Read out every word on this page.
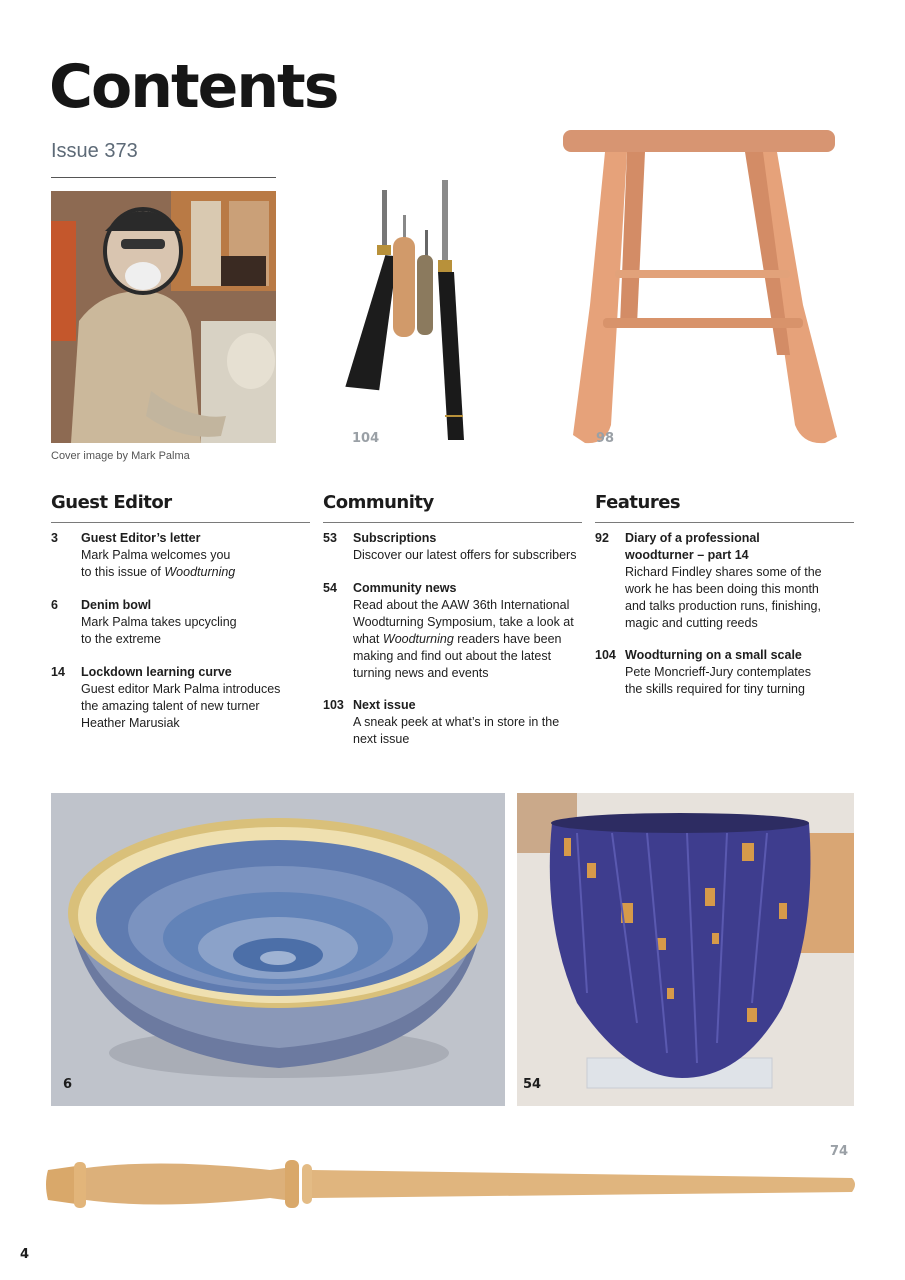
Contents
Issue 373
Cover image by Mark Palma
104	98
Guest Editor
3 Guest Editor’s letter
Mark Palma welcomes you
to this issue of Woodturning
6 Denim bowl
Mark Palma takes upcycling
to the extreme
14 Lockdown learning curve
Guest editor Mark Palma introduces
the amazing talent of new turner
Heather Marusiak
Community
53 Subscriptions
Discover our latest offers for subscribers
54 Community news
Read about the AAW 36th International
Woodturning Symposium, take a look at
what Woodturning readers have been
making and find out about the latest
turning news and events
103 Next issue
A sneak peek at what’s in store in the
next issue
Features
92 Diary of a professional
woodturner – part 14
Richard Findley shares some of the
work he has been doing this month
and talks production runs, finishing,
magic and cutting reeds
104 Woodturning on a small scale
Pete Moncrieff-Jury contemplates
the skills required for tiny turning
6	54
74
4
